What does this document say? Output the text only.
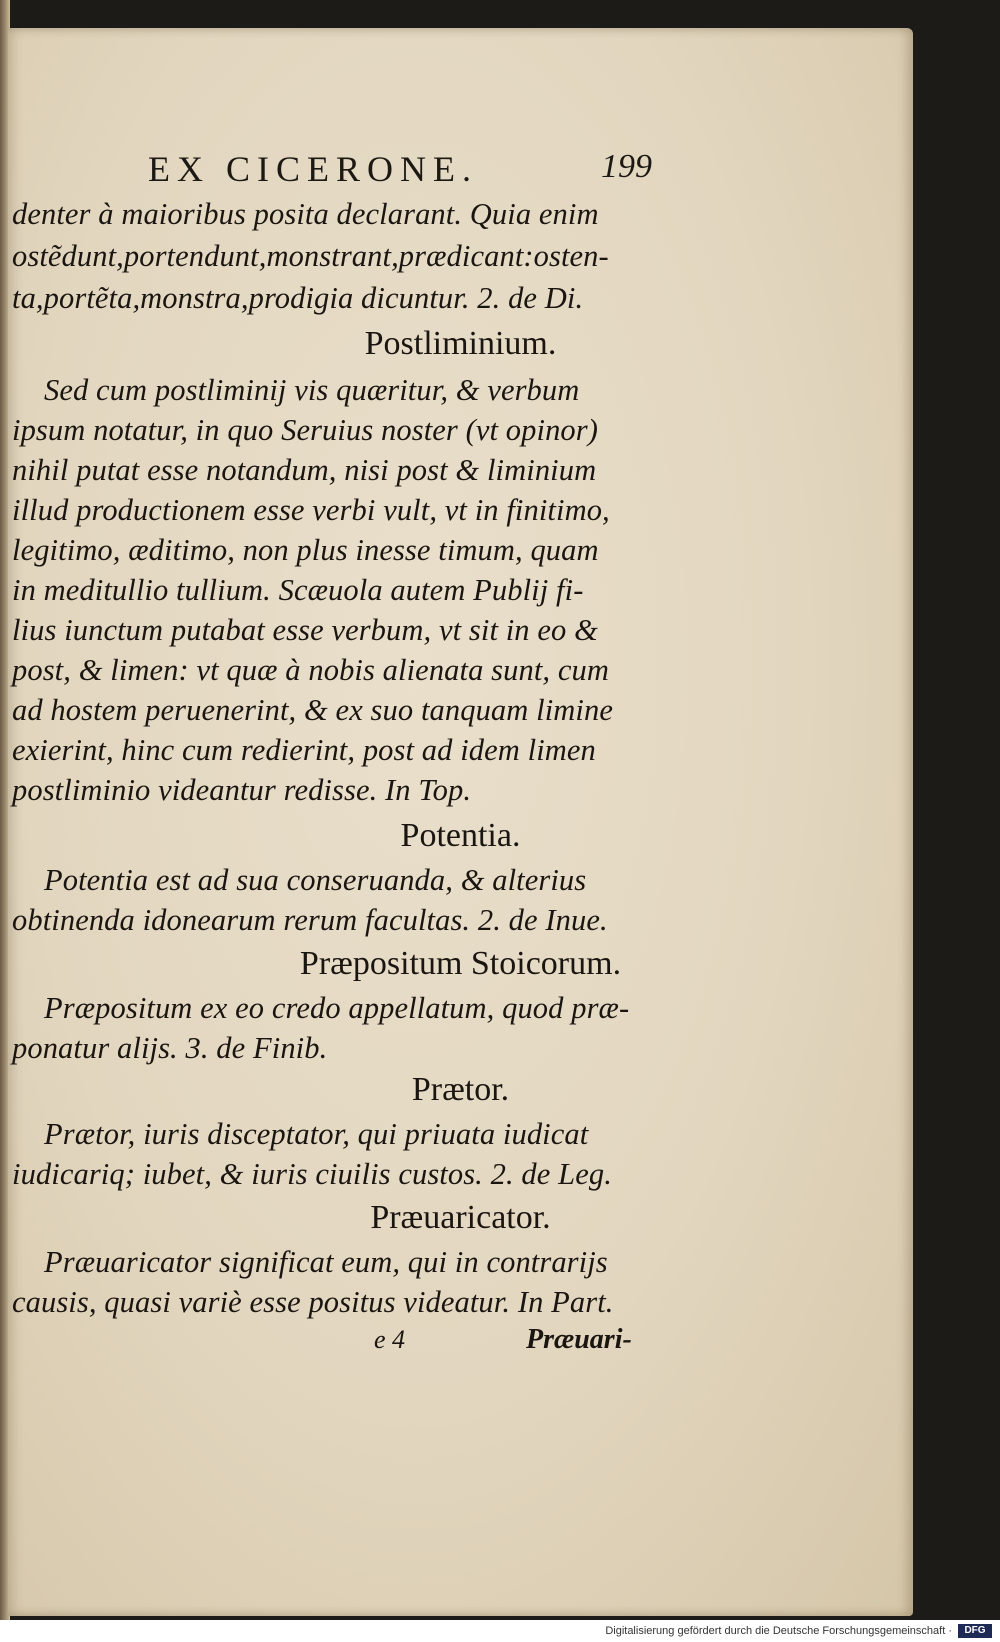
EX CICERONE.	199
denter à maioribus posita declarant. Quia enim
ostẽdunt,portendunt,monstrant,prædicant:osten-
ta,portẽta,monstra,prodigia dicuntur. 2. de Di.
Postliminium.
Sed cum postliminij vis quæritur, & verbum
ipsum notatur, in quo Seruius noster (vt opinor)
nihil putat esse notandum, nisi post & liminium
illud productionem esse verbi vult, vt in finitimo,
legitimo, æditimo, non plus inesse timum, quam
in meditullio tullium. Scæuola autem Publij fi-
lius iunctum putabat esse verbum, vt sit in eo &
post, & limen: vt quæ à nobis alienata sunt, cum
ad hostem peruenerint, & ex suo tanquam limine
exierint, hinc cum redierint, post ad idem limen
postliminio videantur redisse. In Top.
Potentia.
Potentia est ad sua conseruanda, & alterius
obtinenda idonearum rerum facultas. 2. de Inue.
Præpositum Stoicorum.
Præpositum ex eo credo appellatum, quod præ-
ponatur alijs. 3. de Finib.
Prætor.
Prætor, iuris disceptator, qui priuata iudicat
iudicariq; iubet, & iuris ciuilis custos. 2. de Leg.
Præuaricator.
Præuaricator significat eum, qui in contrarijs
causis, quasi variè esse positus videatur. In Part.
e 4	Præuari-
Digitalisierung gefördert durch die Deutsche Forschungsgemeinschaft ·	DFG
